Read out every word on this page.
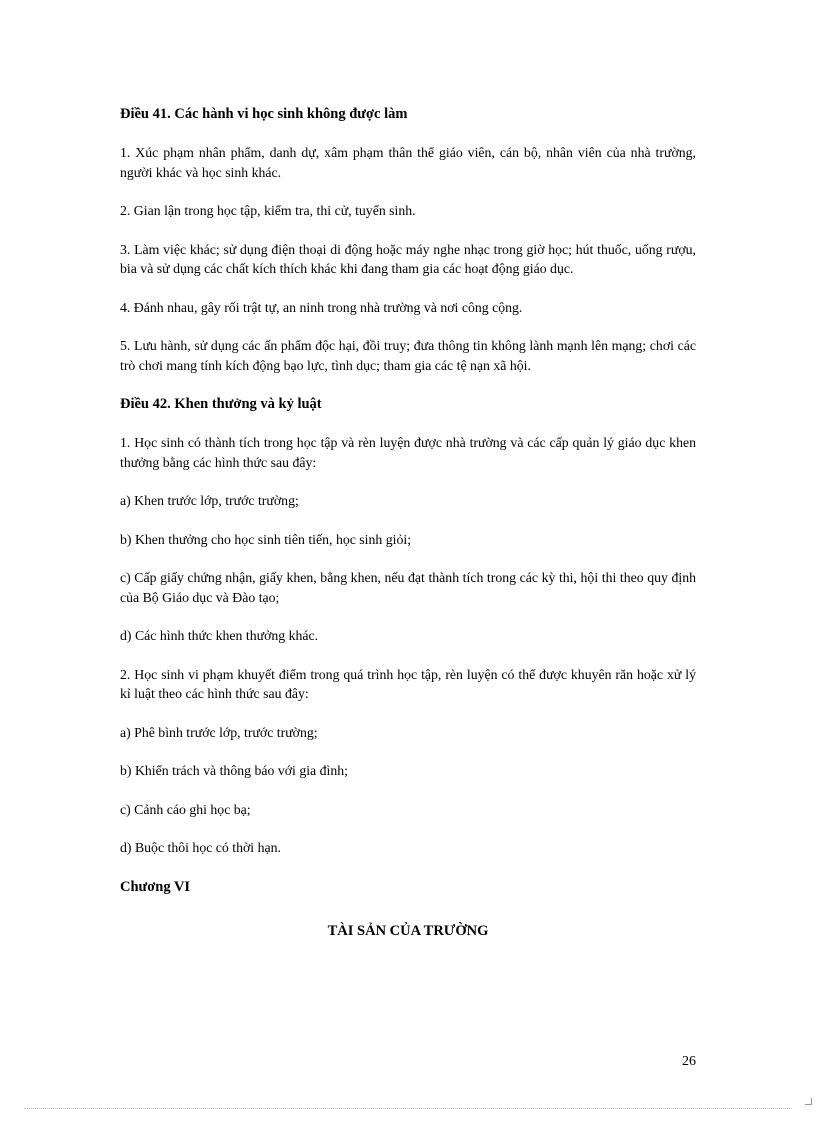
Điều 41. Các hành vi học sinh không được làm

1. Xúc phạm nhân phẩm, danh dự, xâm phạm thân thể giáo viên, cán bộ, nhân viên của nhà trường, người khác và học sinh khác.

2. Gian lận trong học tập, kiểm tra, thi cử, tuyển sinh.

3. Làm việc khác; sử dụng điện thoại di động hoặc máy nghe nhạc trong giờ học; hút thuốc, uống rượu, bia và sử dụng các chất kích thích khác khi đang tham gia các hoạt động giáo dục.

4. Đánh nhau, gây rối trật tự, an ninh trong nhà trường và nơi công cộng.

5. Lưu hành, sử dụng các ấn phẩm độc hại, đồi truy; đưa thông tin không lành mạnh lên mạng; chơi các trò chơi mang tính kích động bạo lực, tình dục; tham gia các tệ nạn xã hội.

Điều 42. Khen thưởng và kỷ luật

1. Học sinh có thành tích trong học tập và rèn luyện được nhà trường và các cấp quản lý giáo dục khen thưởng bằng các hình thức sau đây:

a) Khen trước lớp, trước trường;

b) Khen thưởng cho học sinh tiên tiến, học sinh giỏi;

c) Cấp giấy chứng nhận, giấy khen, bằng khen, nếu đạt thành tích trong các kỳ thi, hội thi theo quy định của Bộ Giáo dục và Đào tạo;

d) Các hình thức khen thưởng khác.

2. Học sinh vi phạm khuyết điểm trong quá trình học tập, rèn luyện có thể được khuyên răn hoặc xử lý kỉ luật theo các hình thức sau đây:

a) Phê bình trước lớp, trước trường;

b) Khiển trách và thông báo với gia đình;

c) Cảnh cáo ghi học bạ;

d) Buộc thôi học có thời hạn.

Chương VI

TÀI SẢN CỦA TRƯỜNG

26
